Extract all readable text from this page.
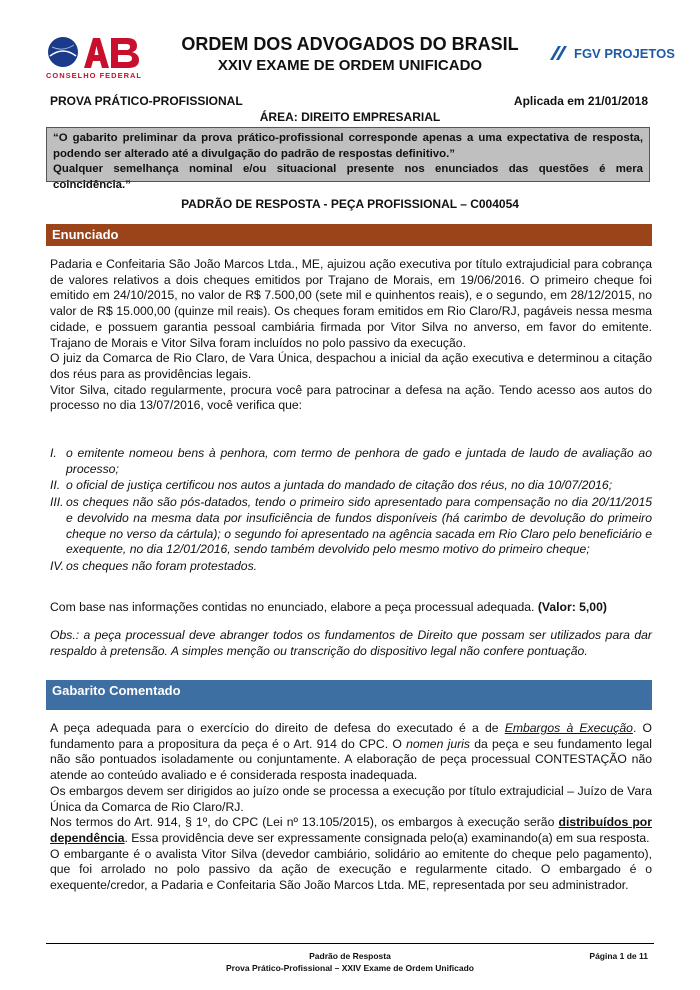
CONSELHO FEDERAL
ORDEM DOS ADVOGADOS DO BRASIL
XXIV EXAME DE ORDEM UNIFICADO
FGV PROJETOS
PROVA PRÁTICO-PROFISSIONAL	Aplicada em 21/01/2018
ÁREA: DIREITO EMPRESARIAL
“O gabarito preliminar da prova prático-profissional corresponde apenas a uma expectativa de resposta, podendo ser alterado até a divulgação do padrão de respostas definitivo.”
Qualquer semelhança nominal e/ou situacional presente nos enunciados das questões é mera coincidência.”
PADRÃO DE RESPOSTA - PEÇA PROFISSIONAL – C004054
Enunciado

Padaria e Confeitaria São João Marcos Ltda., ME, ajuizou ação executiva por título extrajudicial para cobrança de valores relativos a dois cheques emitidos por Trajano de Morais, em 19/06/2016. O primeiro cheque foi emitido em 24/10/2015, no valor de R$ 7.500,00 (sete mil e quinhentos reais), e o segundo, em 28/12/2015, no valor de R$ 15.000,00 (quinze mil reais). Os cheques foram emitidos em Rio Claro/RJ, pagáveis nessa mesma cidade, e possuem garantia pessoal cambiária firmada por Vitor Silva no anverso, em favor do emitente. Trajano de Morais e Vitor Silva foram incluídos no polo passivo da execução.

O juiz da Comarca de Rio Claro, de Vara Única, despachou a inicial da ação executiva e determinou a citação dos réus para as providências legais.

Vitor Silva, citado regularmente, procura você para patrocinar a defesa na ação. Tendo acesso aos autos do processo no dia 13/07/2016, você verifica que:

I. o emitente nomeou bens à penhora, com termo de penhora de gado e juntada de laudo de avaliação ao processo;
II. o oficial de justiça certificou nos autos a juntada do mandado de citação dos réus, no dia 10/07/2016;
III. os cheques não são pós-datados, tendo o primeiro sido apresentado para compensação no dia 20/11/2015 e devolvido na mesma data por insuficiência de fundos disponíveis (há carimbo de devolução do primeiro cheque no verso da cártula); o segundo foi apresentado na agência sacada em Rio Claro pelo beneficiário e exequente, no dia 12/01/2016, sendo também devolvido pelo mesmo motivo do primeiro cheque;
IV. os cheques não foram protestados.
Com base nas informações contidas no enunciado, elabore a peça processual adequada. (Valor: 5,00)
Obs.: a peça processual deve abranger todos os fundamentos de Direito que possam ser utilizados para dar respaldo à pretensão. A simples menção ou transcrição do dispositivo legal não confere pontuação.
Gabarito Comentado

A peça adequada para o exercício do direito de defesa do executado é a de Embargos à Execução. O fundamento para a propositura da peça é o Art. 914 do CPC. O nomen juris da peça e seu fundamento legal não são pontuados isoladamente ou conjuntamente. A elaboração de peça processual CONTESTAÇÃO não atende ao conteúdo avaliado e é considerada resposta inadequada.

Os embargos devem ser dirigidos ao juízo onde se processa a execução por título extrajudicial – Juízo de Vara Única da Comarca de Rio Claro/RJ.

Nos termos do Art. 914, § 1º, do CPC (Lei nº 13.105/2015), os embargos à execução serão distribuídos por dependência. Essa providência deve ser expressamente consignada pelo(a) examinando(a) em sua resposta.

O embargante é o avalista Vitor Silva (devedor cambiário, solidário ao emitente do cheque pelo pagamento), que foi arrolado no polo passivo da ação de execução e regularmente citado. O embargado é o exequente/credor, a Padaria e Confeitaria São João Marcos Ltda. ME, representada por seu administrador.

Padrão de Resposta
Prova Prático-Profissional – XXIV Exame de Ordem Unificado
Página 1 de 11
